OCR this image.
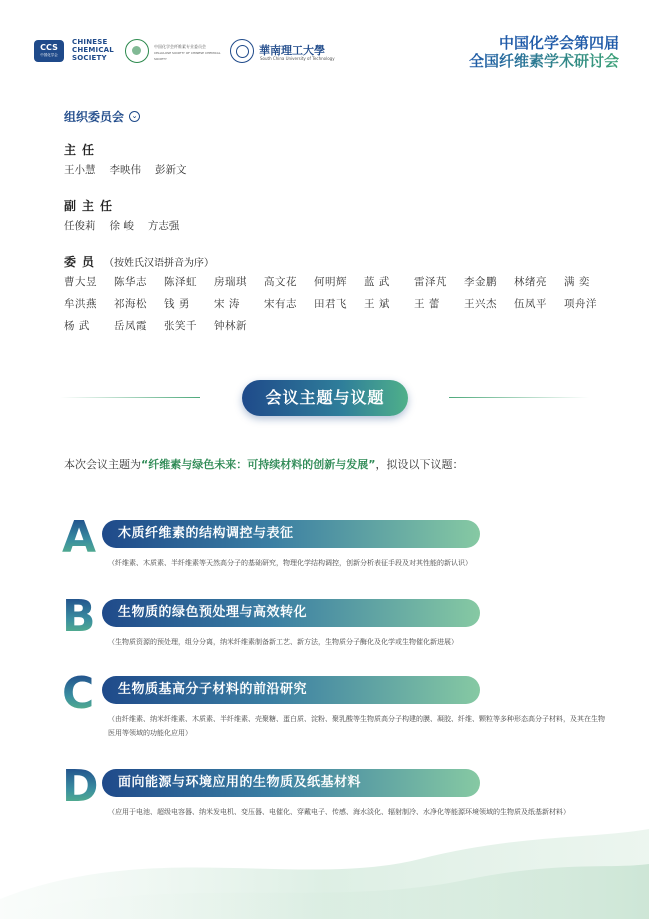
CCS
中国化学会
CHINESE
CHEMICAL
SOCIETY
中国化学会纤维素专业委员会
CELLULOSE SOCIETY OF CHINESE CHEMICAL SOCIETY
華南理工大學
South China University of Technology
中国化学会第四届
全国纤维素学术研讨会
组织委员会	⌄
主任
王小慧 李映伟 彭新文
副主任
任俊莉 徐 峻 方志强
委员 （按姓氏汉语拼音为序）
曹大昱	陈华志	陈泽虹	房瑞琪	高文花	何明辉	蓝 武	雷泽芃	李金鹏	林绪亮	满 奕
牟洪燕	祁海松	钱 勇	宋 涛	宋有志	田君飞	王 斌	王 蕾	王兴杰	伍凤平	项舟洋
杨 武	岳凤霞	张笑千	钟林新
会议主题与议题
本次会议主题为“纤维素与绿色未来：可持续材料的创新与发展”，拟设以下议题：
A	木质纤维素的结构调控与表征
（纤维素、木质素、半纤维素等天然高分子的基础研究，物理化学结构调控，创新分析表征手段及对其性能的新认识）
B	生物质的绿色预处理与高效转化
（生物质资源的预处理，组分分离，纳米纤维素制备新工艺、新方法，生物质分子酶化及化学或生物催化新进展）
C	生物质基高分子材料的前沿研究
（由纤维素、纳米纤维素、木质素、半纤维素、壳聚糖、蛋白质、淀粉、聚乳酸等生物质高分子构建的膜、凝胶、纤维、颗粒等多种形态高分子材料，及其在生物医用等领域的功能化应用）
D	面向能源与环境应用的生物质及纸基材料
（应用于电池、超级电容器、纳米发电机、变压器、电催化、穿戴电子、传感、海水淡化、辐射制冷、水净化等能源环境领域的生物质及纸基新材料）
